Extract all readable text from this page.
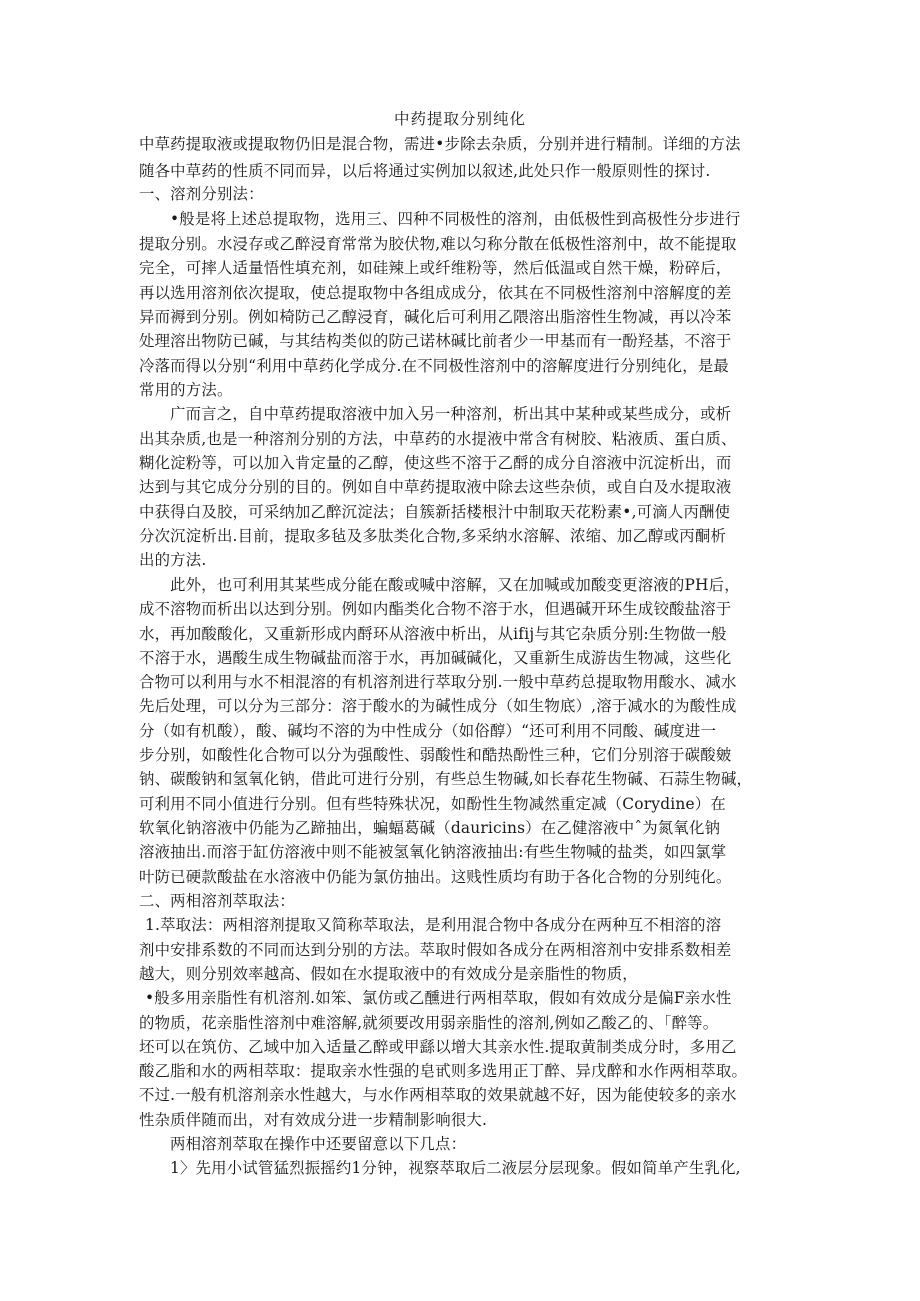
中药提取分别纯化
中草药提取液或提取物仍旧是混合物，需进•步除去杂质，分别并进行精制。详细的方法
随各中草药的性质不同而异，以后将通过实例加以叙述,此处只作一般原则性的探讨.
一、溶剂分别法：
•般是将上述总提取物，选用三、四种不同极性的溶剂，由低极性到高极性分步进行
提取分别。水浸存或乙醉浸育常常为胶伏物,难以匀称分散在低极性溶剂中，故不能提取
完全，可摔人适量悟性填充剂，如硅辣上或纤维粉等，然后低温或自然干燥，粉碎后，
再以选用溶剂依次提取，使总提取物中各组成成分，依其在不同极性溶剂中溶解度的差
异而褥到分别。例如椅防己乙醇浸育，碱化后可利用乙隈溶出脂溶性生物减，再以冷苯
处理溶出物防已碱，与其结构类似的防己诺林碱比前者少一甲基而有一酚羟基，不溶于
冷落而得以分别“利用中草药化学成分.在不同极性溶剂中的溶解度进行分别纯化，是最
常用的方法。
广而言之，自中草药提取溶液中加入另一种溶剂，析出其中某种或某些成分，或析
出其杂质,也是一种溶剂分别的方法，中草药的水提液中常含有树胶、粘液质、蛋白质、
糊化淀粉等，可以加入肯定量的乙醇，使这些不溶于乙酹的成分自溶液中沉淀析出，而
达到与其它成分分别的目的。例如自中草药提取液中除去这些杂侦，或自白及水提取液
中获得白及胶，可采纳加乙醉沉淀法；自簇新括楼根汁中制取天花粉素•,可滴人丙酬使
分次沉淀析出.目前，提取多毡及多肽类化合物,多采纳水溶解、浓缩、加乙醇或丙酮析
出的方法.
此外，也可利用其某些成分能在酸或喊中溶解，又在加喊或加酸变更溶液的PH后，
成不溶物而析出以达到分别。例如内酯类化合物不溶于水，但遇碱开环生成铰酸盐溶于
水，再加酸酸化，又重新形成内酹环从溶液中析出，从ifij与其它杂质分别:生物做一般
不溶于水，遇酸生成生物碱盐而溶于水，再加碱碱化，又重新生成游齿生物减，这些化
合物可以利用与水不相混溶的有机溶剂进行萃取分别.一般中草药总提取物用酸水、减水
先后处理，可以分为三部分：溶于酸水的为碱性成分（如生物底）,溶于减水的为酸性成
分（如有机酸），酸、碱均不溶的为中性成分（如俗醇）“还可利用不同酸、碱度进一
步分别，如酸性化合物可以分为强酸性、弱酸性和酷热酚性三种，它们分别溶于碳酸皴
钠、碳酸钠和氢氧化钠，借此可进行分别，有些总生物碱,如长春花生物碱、石蒜生物碱，
可利用不同小值进行分别。但有些特殊状况，如酚性生物减然重定减（Corydine）在
软氧化钠溶液中仍能为乙蹄抽出，蝙蝠葛碱（dauricins）在乙健溶液中ˆ为氮氧化钠
溶液抽出.而溶于缸仿溶液中则不能被氢氧化钠溶液抽出:有些生物喊的盐类，如四氯掌
叶防已硬款酸盐在水溶液中仍能为氯仿抽出。这贱性质均有助于各化合物的分别纯化。
二、两相溶剂萃取法：
1.萃取法：两相溶剂提取又简称萃取法，是利用混合物中各成分在两种互不相溶的溶
剂中安排系数的不同而达到分别的方法。萃取时假如各成分在两相溶剂中安排系数相差
越大，则分别效率越高、假如在水提取液中的有效成分是亲脂性的物质，
•般多用亲脂性有机溶剂.如笨、氯仿或乙醺进行两相萃取，假如有效成分是偏F亲水性
的物质，花亲脂性溶剂中难溶解,就须要改用弱亲脂性的溶剂,例如乙酸乙的、「醉等。
坯可以在筑仿、乙域中加入适量乙醉或甲繇以增大其亲水性.提取黄制类成分时，多用乙
酸乙脂和水的两相萃取：提取亲水性强的皂甙则多选用正丁醉、异戊醉和水作两相萃取。
不过.一般有机溶剂亲水性越大，与水作两相萃取的效果就越不好，因为能使较多的亲水
性杂质伴随而出，对有效成分进一步精制影响很大.
两相溶剂萃取在操作中还要留意以下几点：
1〉先用小试管猛烈振摇约1分钟，视察萃取后二液层分层现象。假如简单产生乳化,
